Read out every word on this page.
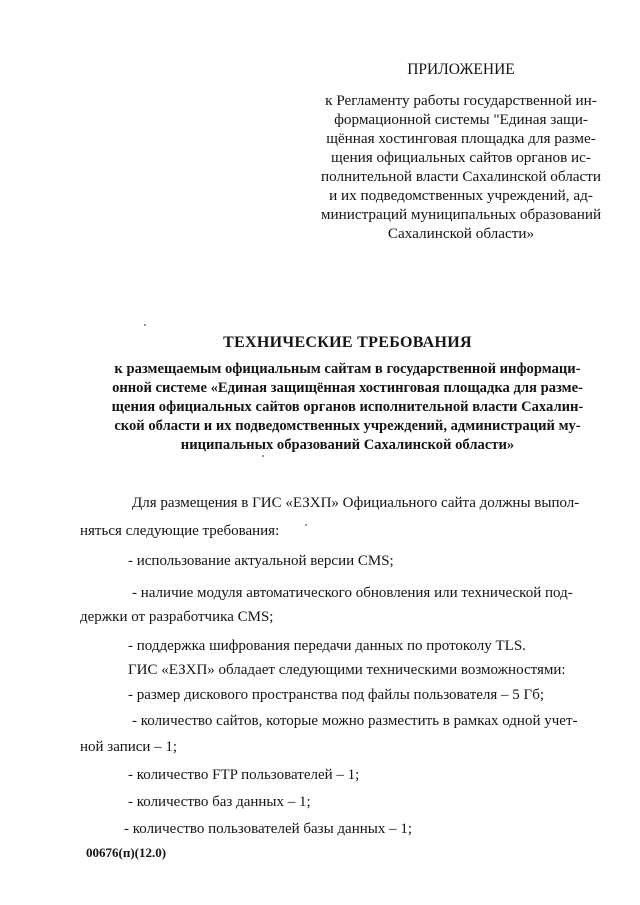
ПРИЛОЖЕНИЕ
к Регламенту работы государственной ин-
формационной системы "Единая защи-
щённая хостинговая площадка для разме-
щения официальных сайтов органов ис-
полнительной власти Сахалинской области
и их подведомственных учреждений, ад-
министраций муниципальных образований
Сахалинской области»
ТЕХНИЧЕСКИЕ ТРЕБОВАНИЯ
к размещаемым официальным сайтам в государственной информаци-
онной системе «Единая защищённая хостинговая площадка для разме-
щения официальных сайтов органов исполнительной власти Сахалин-
ской области и их подведомственных учреждений, администраций му-
ниципальных образований Сахалинской области»
Для размещения в ГИС «ЕЗХП» Официального сайта должны выпол-
няться следующие требования:
- использование актуальной версии CMS;
- наличие модуля автоматического обновления или технической под-
держки от разработчика CMS;
- поддержка шифрования передачи данных по протоколу TLS.
ГИС «ЕЗХП» обладает следующими техническими возможностями:
- размер дискового пространства под файлы пользователя – 5 Гб;
- количество сайтов, которые можно разместить в рамках одной учет-
ной записи – 1;
- количество FTP пользователей – 1;
- количество баз данных – 1;
- количество пользователей базы данных – 1;
00676(п)(12.0)
